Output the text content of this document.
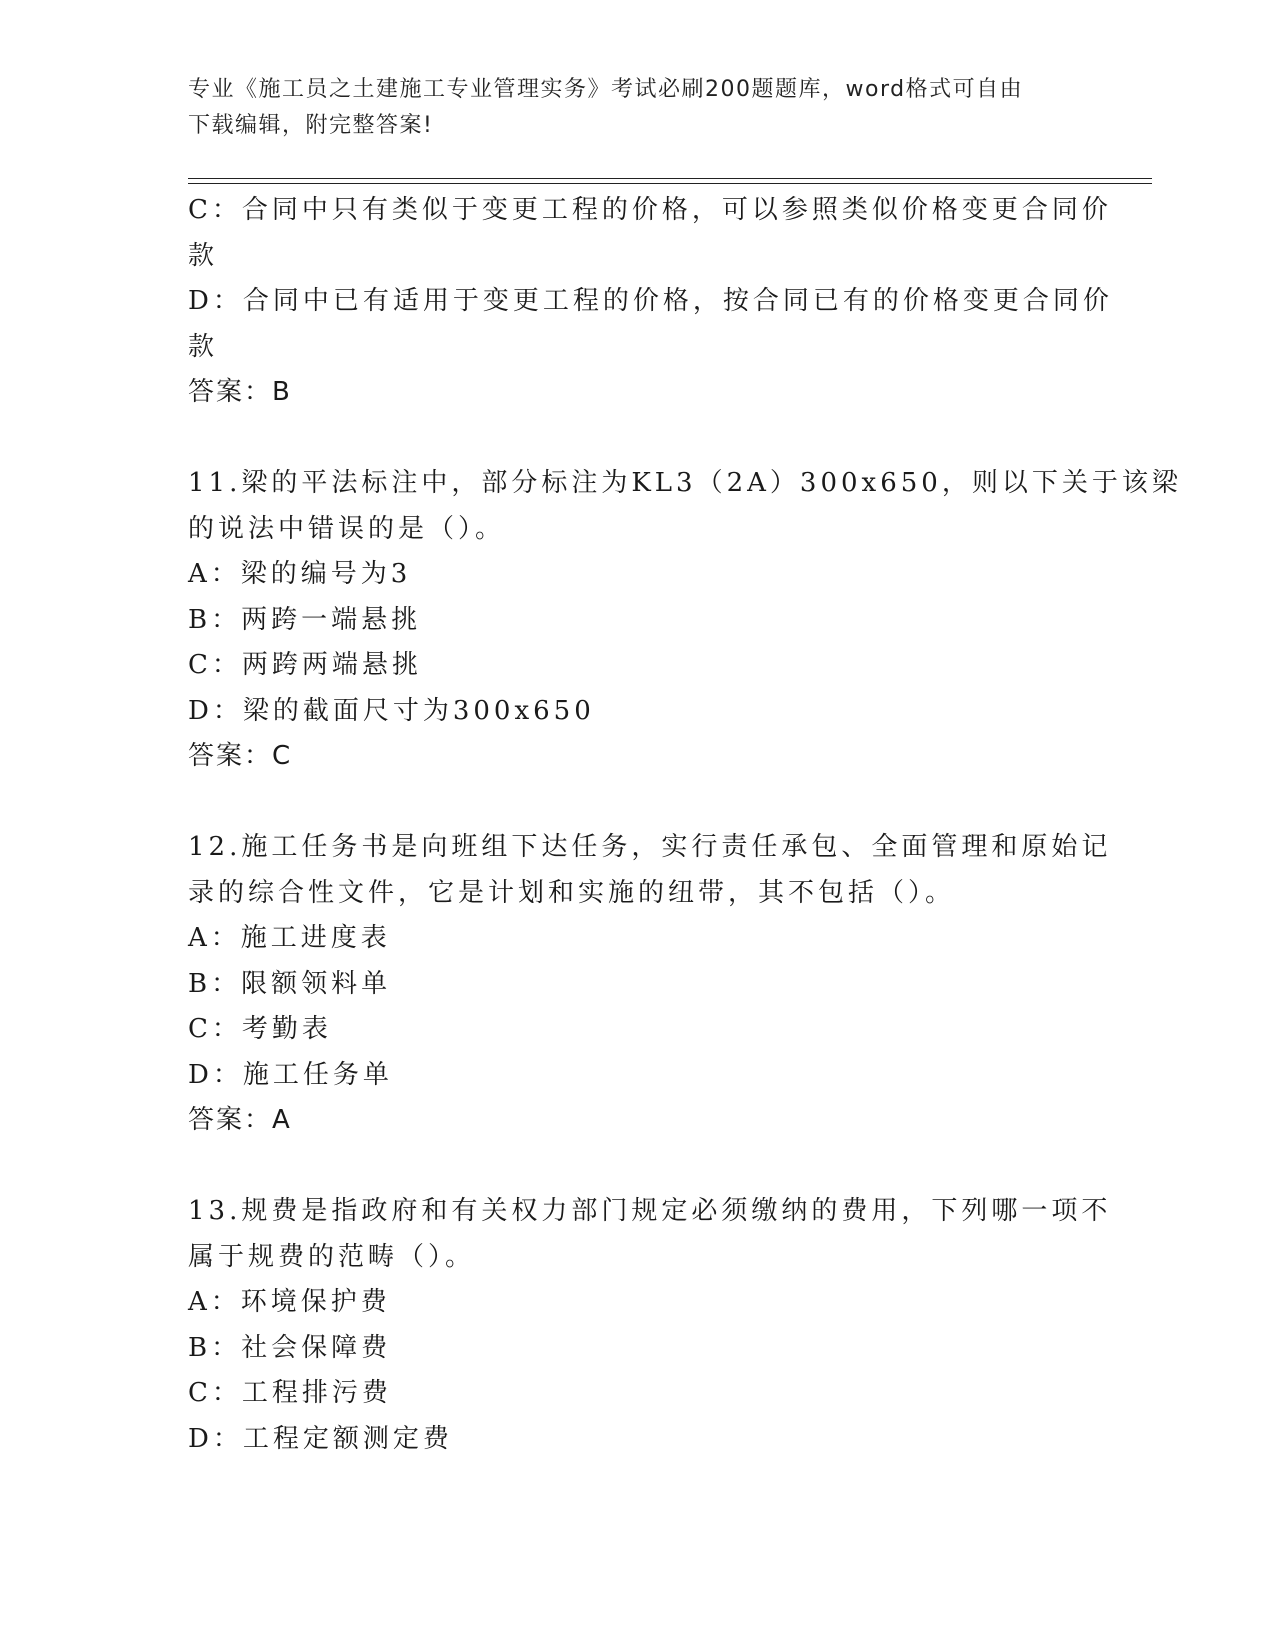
专业《施工员之土建施工专业管理实务》考试必刷200题题库，word格式可自由
下载编辑，附完整答案!
C：合同中只有类似于变更工程的价格，可以参照类似价格变更合同价
款
D：合同中已有适用于变更工程的价格，按合同已有的价格变更合同价
款
答案：B
11.梁的平法标注中，部分标注为KL3（2A）300x650，则以下关于该梁
的说法中错误的是（）。
A：梁的编号为3
B：两跨一端悬挑
C：两跨两端悬挑
D：梁的截面尺寸为300x650
答案：C
12.施工任务书是向班组下达任务，实行责任承包、全面管理和原始记
录的综合性文件，它是计划和实施的纽带，其不包括（）。
A：施工进度表
B：限额领料单
C：考勤表
D：施工任务单
答案：A
13.规费是指政府和有关权力部门规定必须缴纳的费用，下列哪一项不
属于规费的范畴（）。
A：环境保护费
B：社会保障费
C：工程排污费
D：工程定额测定费
